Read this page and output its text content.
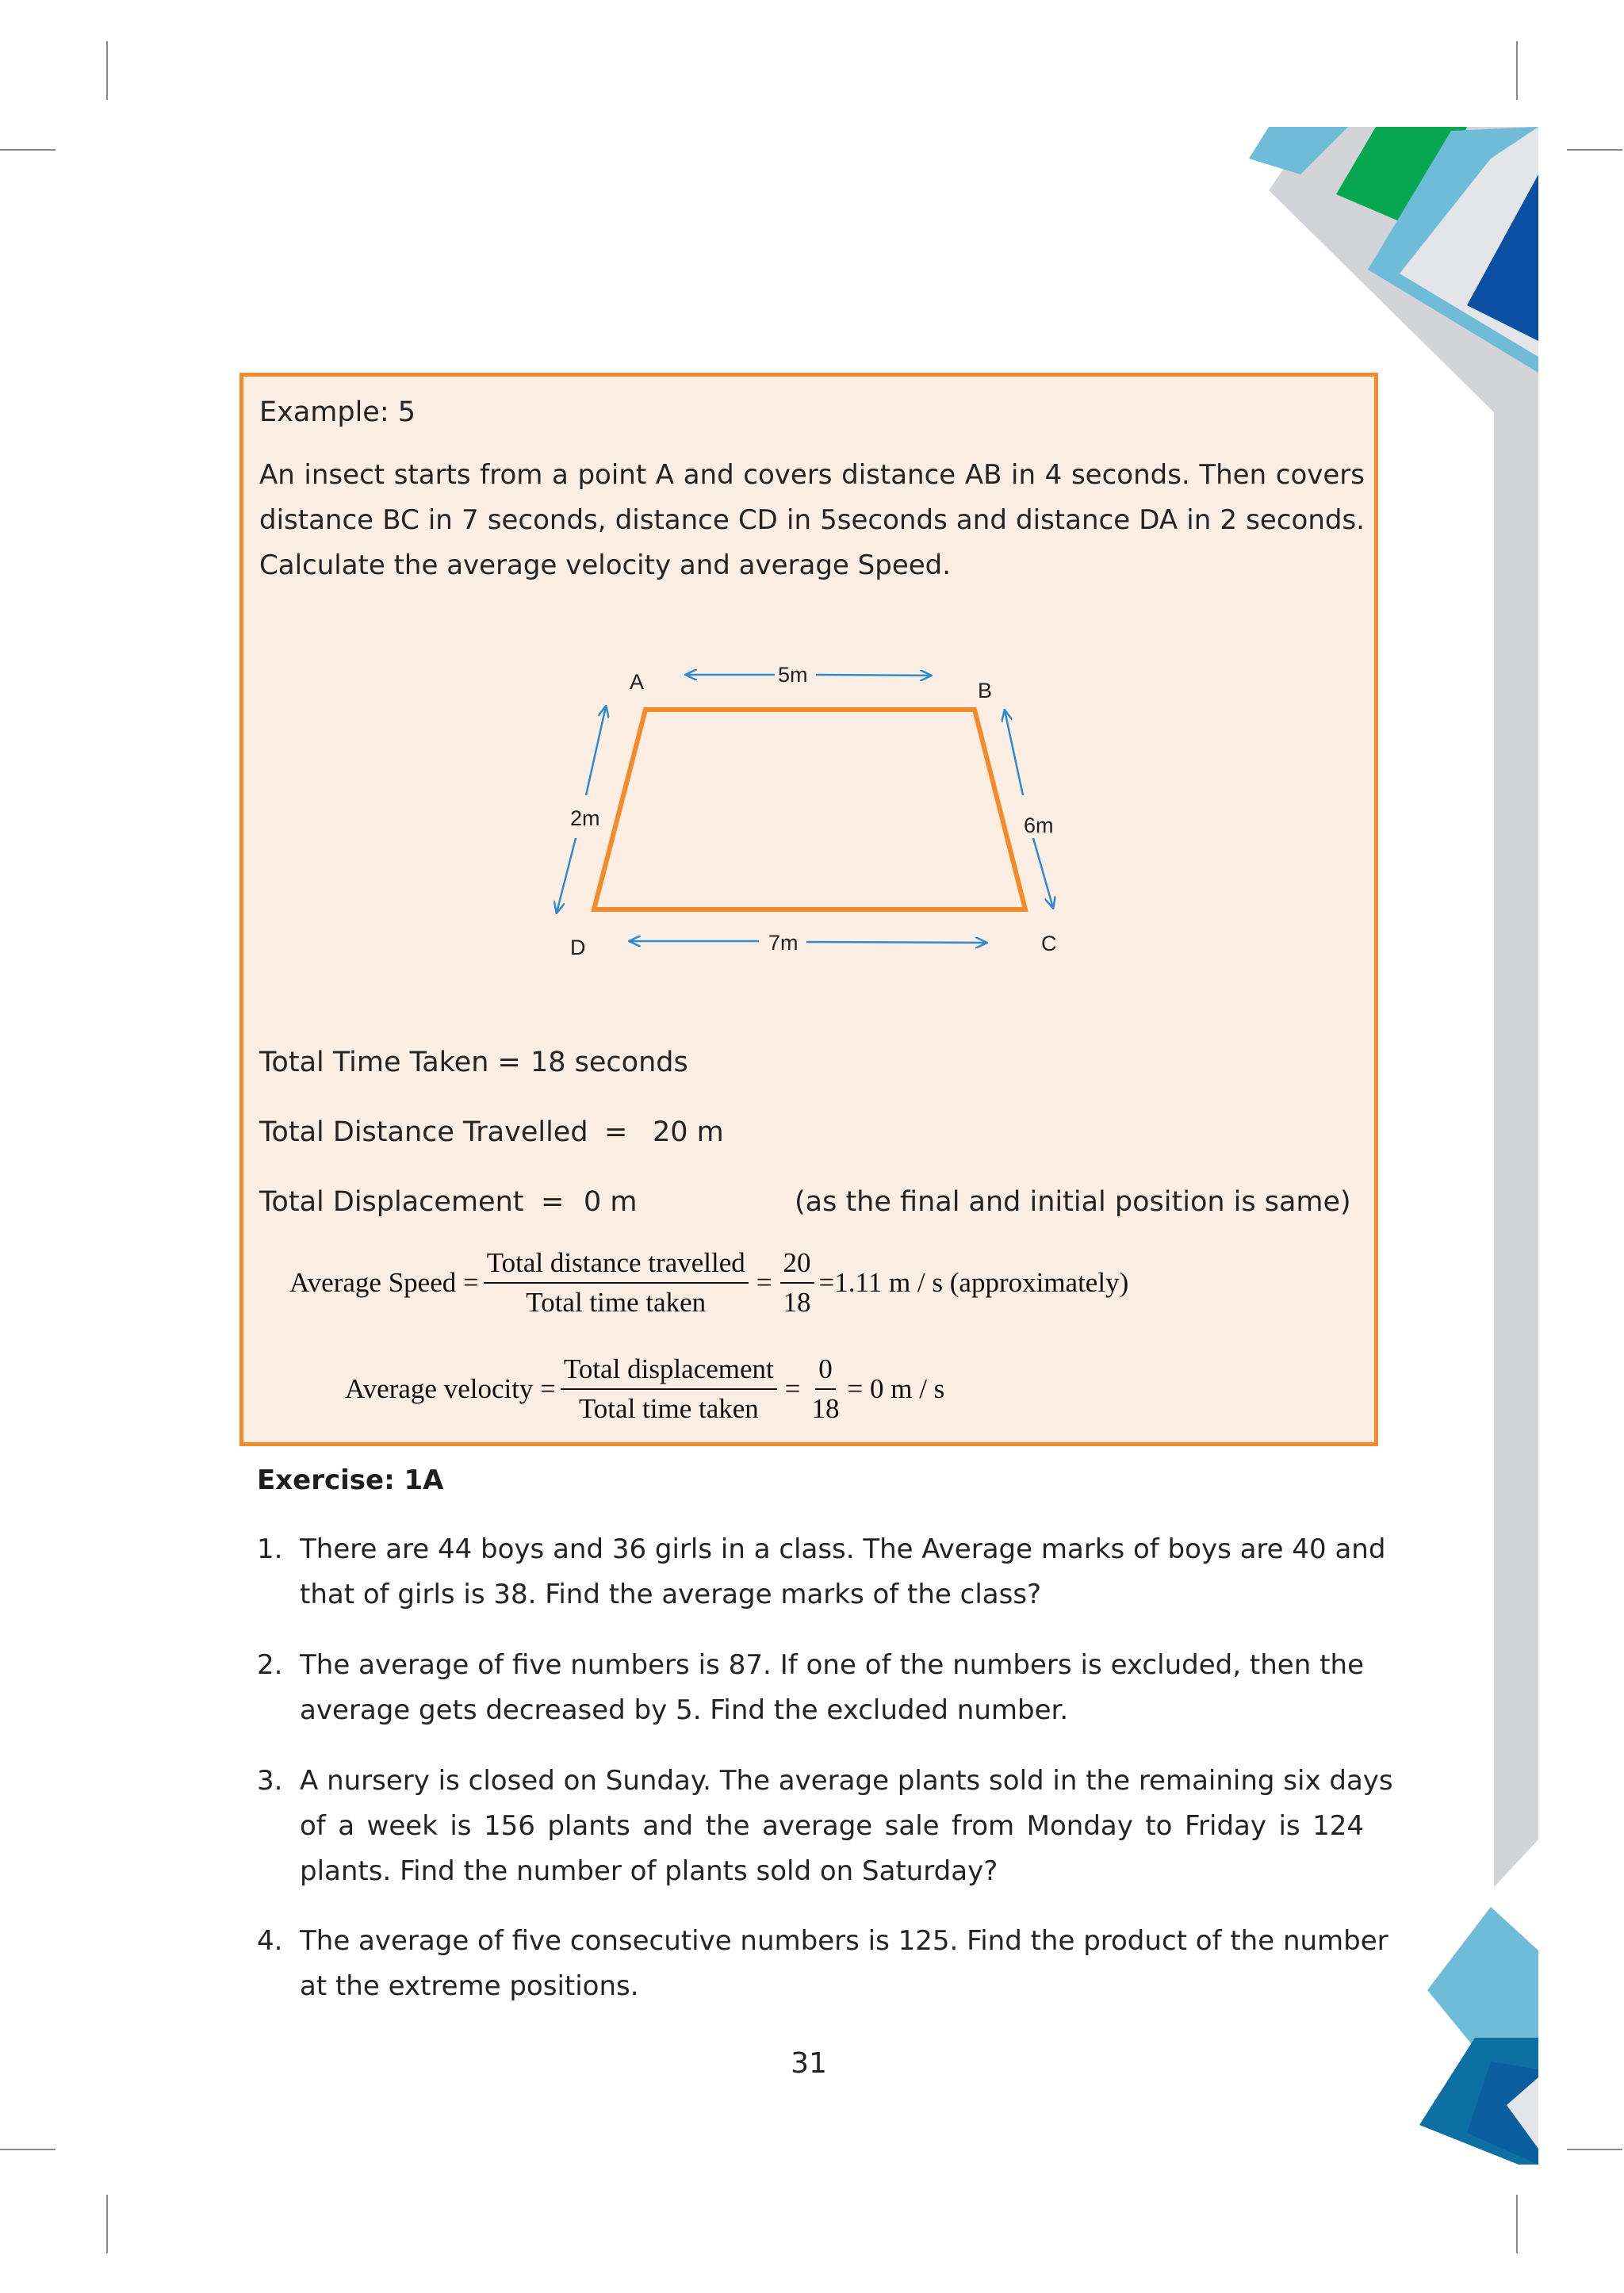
Example: 5
An insect starts from a point A and covers distance AB in 4 seconds. Then covers
distance BC in 7 seconds, distance CD in 5seconds and distance DA in 2 seconds.
Calculate the average velocity and average Speed.
A	B
C
D
5m
7m
2m	6m
Total Time Taken = 18 seconds
Total Distance Travelled = 20 m
Total Displacement = 0 m	(as the final and initial position is same)
Average Speed = $\frac{\text{Total distance travelled}}{\text{Total time taken}} = \frac{20}{18} =1.11$ m / s (approximately)
Average velocity = $\frac{\text{Total displacement}}{\text{Total time taken}} = \frac{0}{18} = 0$ m / s
Exercise: 1A
1. There are 44 boys and 36 girls in a class. The Average marks of boys are 40 and
that of girls is 38. Find the average marks of the class?
2. The average of five numbers is 87. If one of the numbers is excluded, then the
average gets decreased by 5. Find the excluded number.
3. A nursery is closed on Sunday. The average plants sold in the remaining six days
of a week is 156 plants and the average sale from Monday to Friday is 124
plants. Find the number of plants sold on Saturday?
4. The average of five consecutive numbers is 125. Find the product of the number
at the extreme positions.
31
